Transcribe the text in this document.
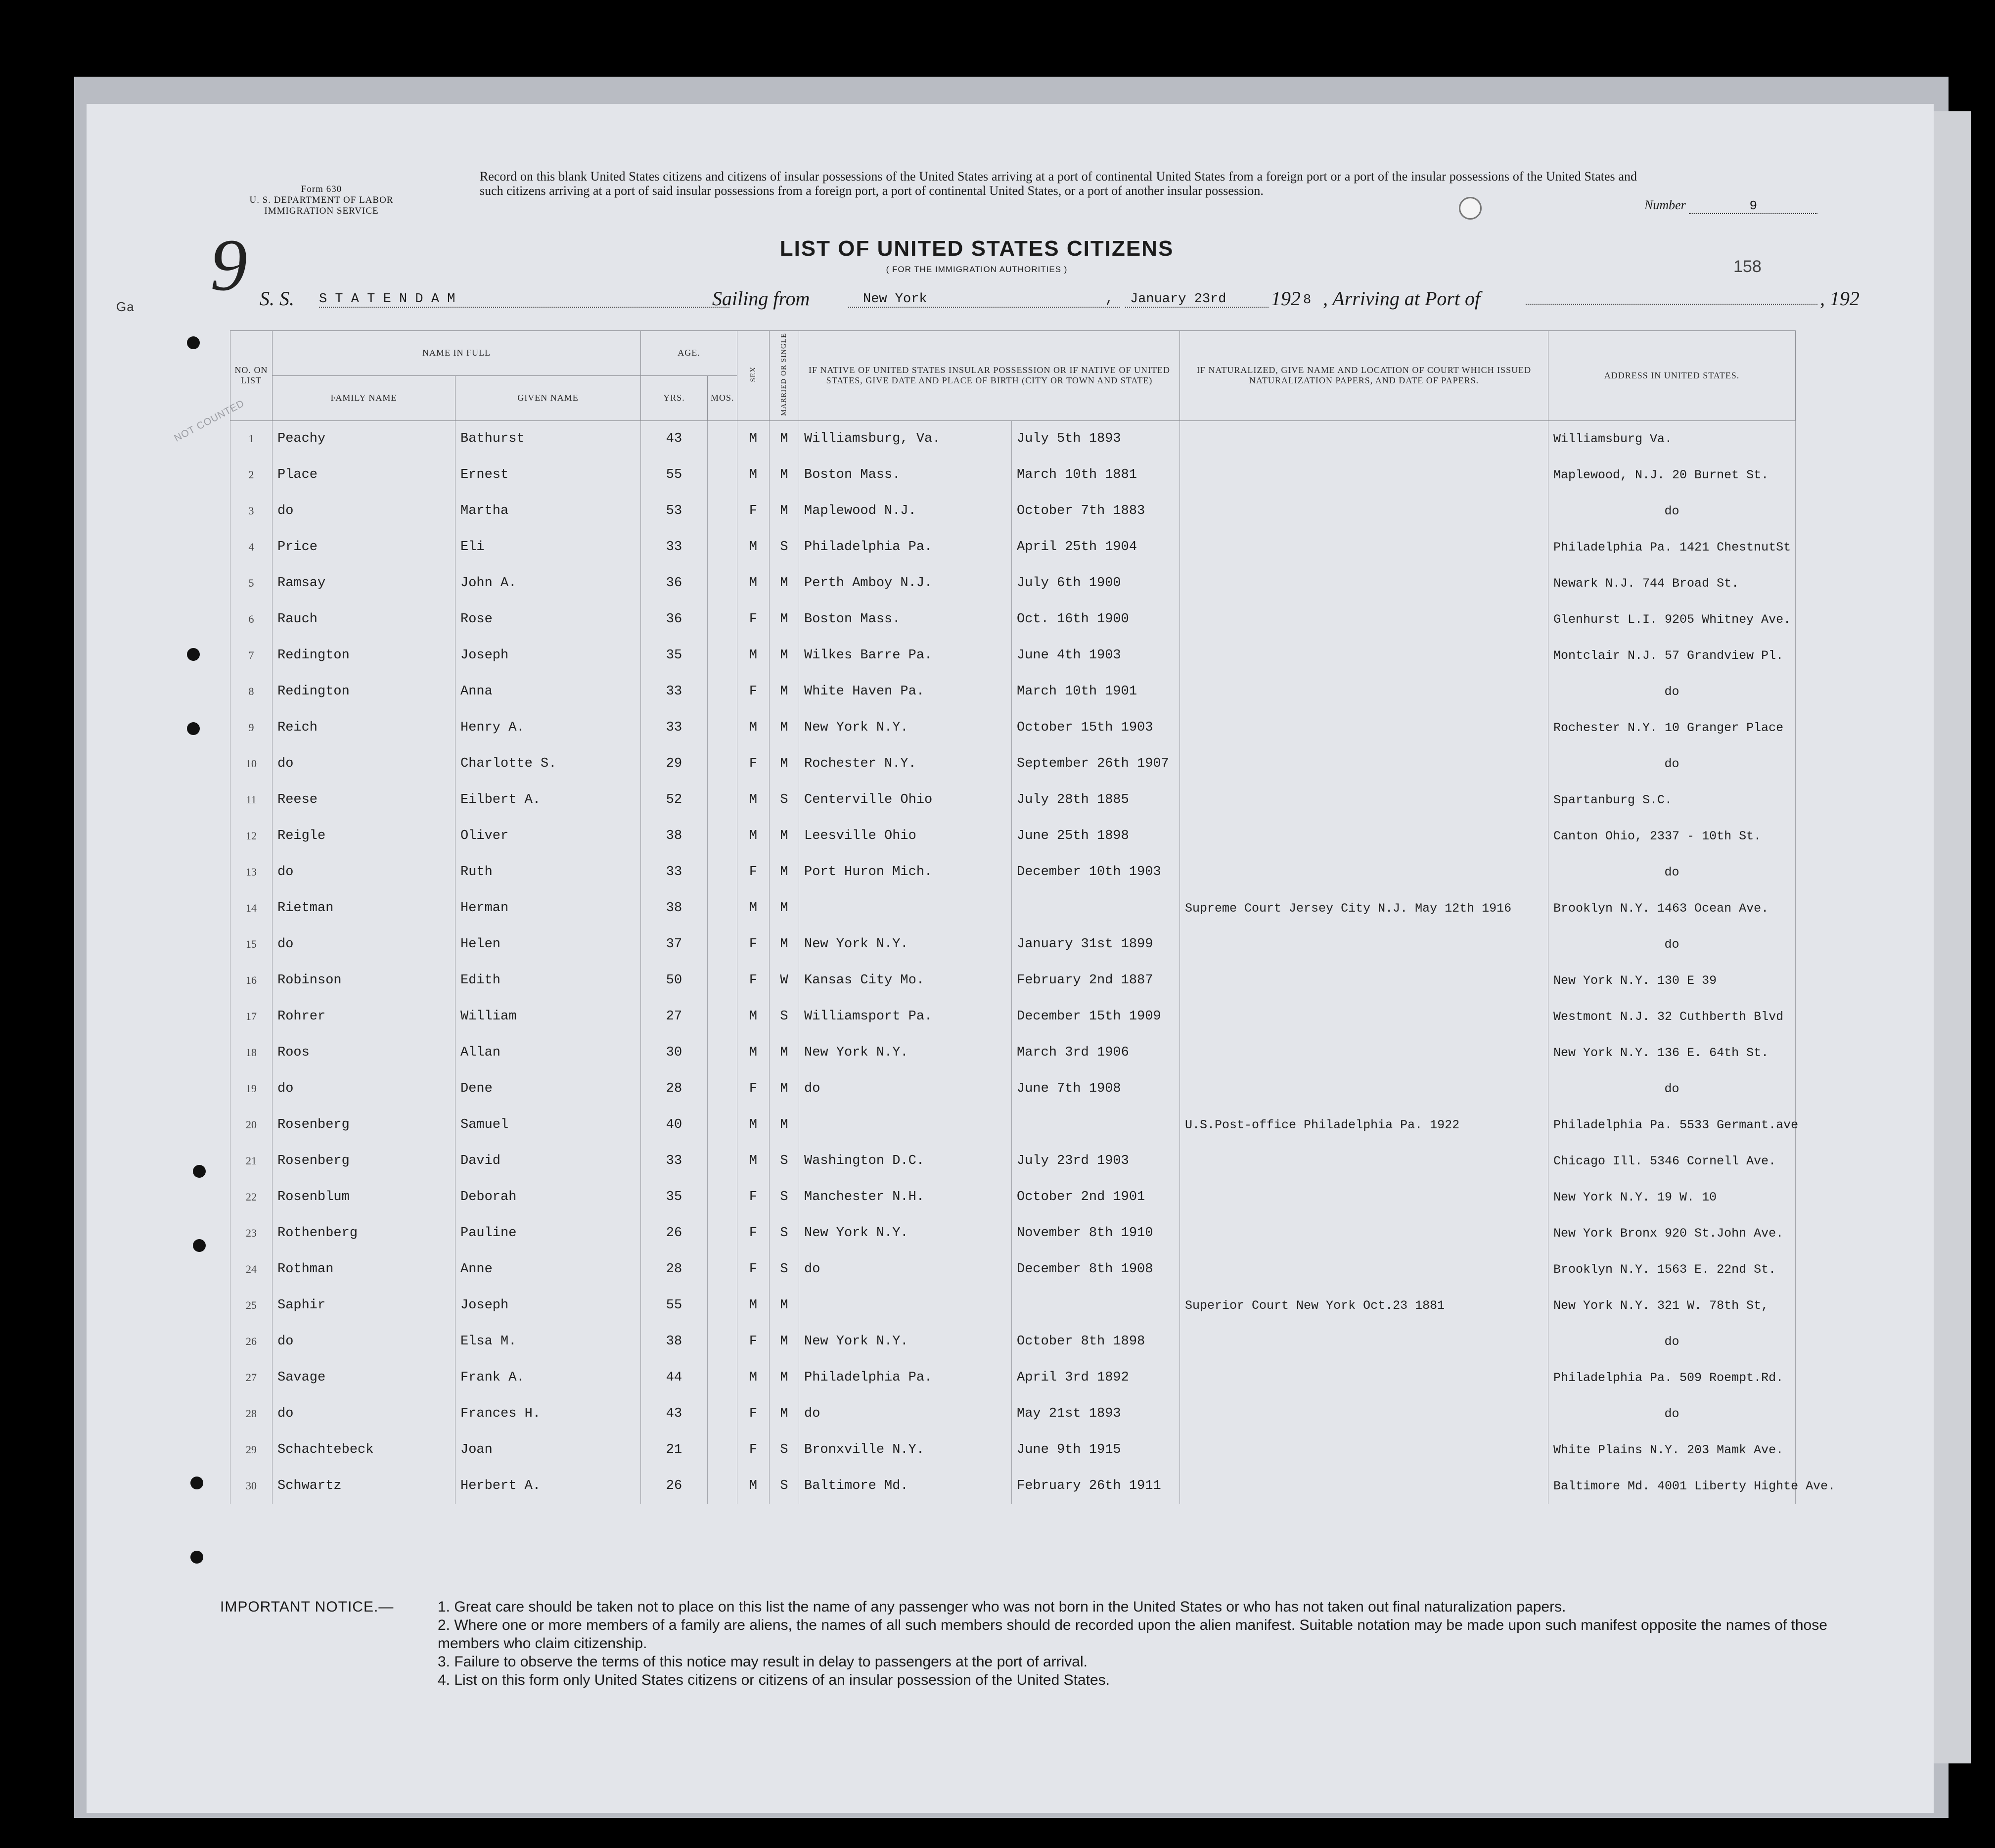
Ga
Form 630
U. S. DEPARTMENT OF LABOR
IMMIGRATION SERVICE
Record on this blank United States citizens and citizens of insular possessions of the United States arriving at a port of continental United States from a foreign port or a port of the insular possessions of the United States and such citizens arriving at a port of said insular possessions from a foreign port, a port of continental United States, or a port of another insular possession.
Number	9
9	LIST OF UNITED STATES CITIZENS
( FOR THE IMMIGRATION AUTHORITIES )	158
S. S. S T A T E N D A M	Sailing from	New York	,	January 23rd	192 8 , Arriving at Port of	, 192
NO. ON LIST	NAME IN FULL		AGE.		SEX	MARRIED OR SINGLE	IF NATIVE OF UNITED STATES INSULAR POSSESSION OR IF NATIVE OF UNITED STATES, GIVE DATE AND PLACE OF BIRTH (CITY OR TOWN AND STATE)		IF NATURALIZED, GIVE NAME AND LOCATION OF COURT WHICH ISSUED NATURALIZATION PAPERS, AND DATE OF PAPERS.	ADDRESS IN UNITED STATES.
	FAMILY NAME	GIVEN NAME	YRS.	MOS.						
1	Peachy	Bathurst	43		M	M	Williamsburg, Va.	July 5th 1893		Williamsburg Va.
2	Place	Ernest	55		M	M	Boston Mass.	March 10th 1881		Maplewood, N.J. 20 Burnet St.
3	do	Martha	53		F	M	Maplewood N.J.	October 7th 1883		do
4	Price	Eli	33		M	S	Philadelphia Pa.	April 25th 1904		Philadelphia Pa. 1421 ChestnutSt
5	Ramsay	John A.	36		M	M	Perth Amboy N.J.	July 6th 1900		Newark N.J. 744 Broad St.
6	Rauch	Rose	36		F	M	Boston Mass.	Oct. 16th 1900		Glenhurst L.I. 9205 Whitney Ave.
7	Redington	Joseph	35		M	M	Wilkes Barre Pa.	June 4th 1903		Montclair N.J. 57 Grandview Pl.
8	Redington	Anna	33		F	M	White Haven Pa.	March 10th 1901		do
9	Reich	Henry A.	33		M	M	New York N.Y.	October 15th 1903		Rochester N.Y. 10 Granger Place
10	do	Charlotte S.	29		F	M	Rochester N.Y.	September 26th 1907		do
11	Reese	Eilbert A.	52		M	S	Centerville Ohio	July 28th 1885		Spartanburg S.C.
12	Reigle	Oliver	38		M	M	Leesville Ohio	June 25th 1898		Canton Ohio, 2337 - 10th St.
13	do	Ruth	33		F	M	Port Huron Mich.	December 10th 1903		do
14	Rietman	Herman	38		M	M			Supreme Court Jersey City N.J. May 12th 1916	Brooklyn N.Y. 1463 Ocean Ave.
15	do	Helen	37		F	M	New York N.Y.	January 31st 1899		do
16	Robinson	Edith	50		F	W	Kansas City Mo.	February 2nd 1887		New York N.Y. 130 E 39
17	Rohrer	William	27		M	S	Williamsport Pa.	December 15th 1909		Westmont N.J. 32 Cuthberth Blvd
18	Roos	Allan	30		M	M	New York N.Y.	March 3rd 1906		New York N.Y. 136 E. 64th St.
19	do	Dene	28		F	M	do	June 7th 1908		do
20	Rosenberg	Samuel	40		M	M			U.S.Post-office Philadelphia Pa. 1922	Philadelphia Pa. 5533 Germant.ave
21	Rosenberg	David	33		M	S	Washington D.C.	July 23rd 1903		Chicago Ill. 5346 Cornell Ave.
22	Rosenblum	Deborah	35		F	S	Manchester N.H.	October 2nd 1901		New York N.Y. 19 W. 10
23	Rothenberg	Pauline	26		F	S	New York N.Y.	November 8th 1910		New York Bronx 920 St.John Ave.
24	Rothman	Anne	28		F	S	do	December 8th 1908		Brooklyn N.Y. 1563 E. 22nd St.
25	Saphir	Joseph	55		M	M			Superior Court New York Oct.23 1881	New York N.Y. 321 W. 78th St,
26	do	Elsa M.	38		F	M	New York N.Y.	October 8th 1898		do
27	Savage	Frank A.	44		M	M	Philadelphia Pa.	April 3rd 1892		Philadelphia Pa. 509 Roempt.Rd.
28	do	Frances H.	43		F	M	do	May 21st 1893		do
29	Schachtebeck	Joan	21		F	S	Bronxville N.Y.	June 9th 1915		White Plains N.Y. 203 Mamk Ave.
30	Schwartz	Herbert A.	26		M	S	Baltimore Md.	February 26th 1911		Baltimore Md. 4001 Liberty Highte Ave.
IMPORTANT NOTICE.—	1. Great care should be taken not to place on this list the name of any passenger who was not born in the United States or who has not taken out final naturalization papers.
2. Where one or more members of a family are aliens, the names of all such members should de recorded upon the alien manifest. Suitable notation may be made upon such manifest opposite the names of those members who claim citizenship.
3. Failure to observe the terms of this notice may result in delay to passengers at the port of arrival.
4. List on this form only United States citizens or citizens of an insular possession of the United States.
NOT COUNTED
